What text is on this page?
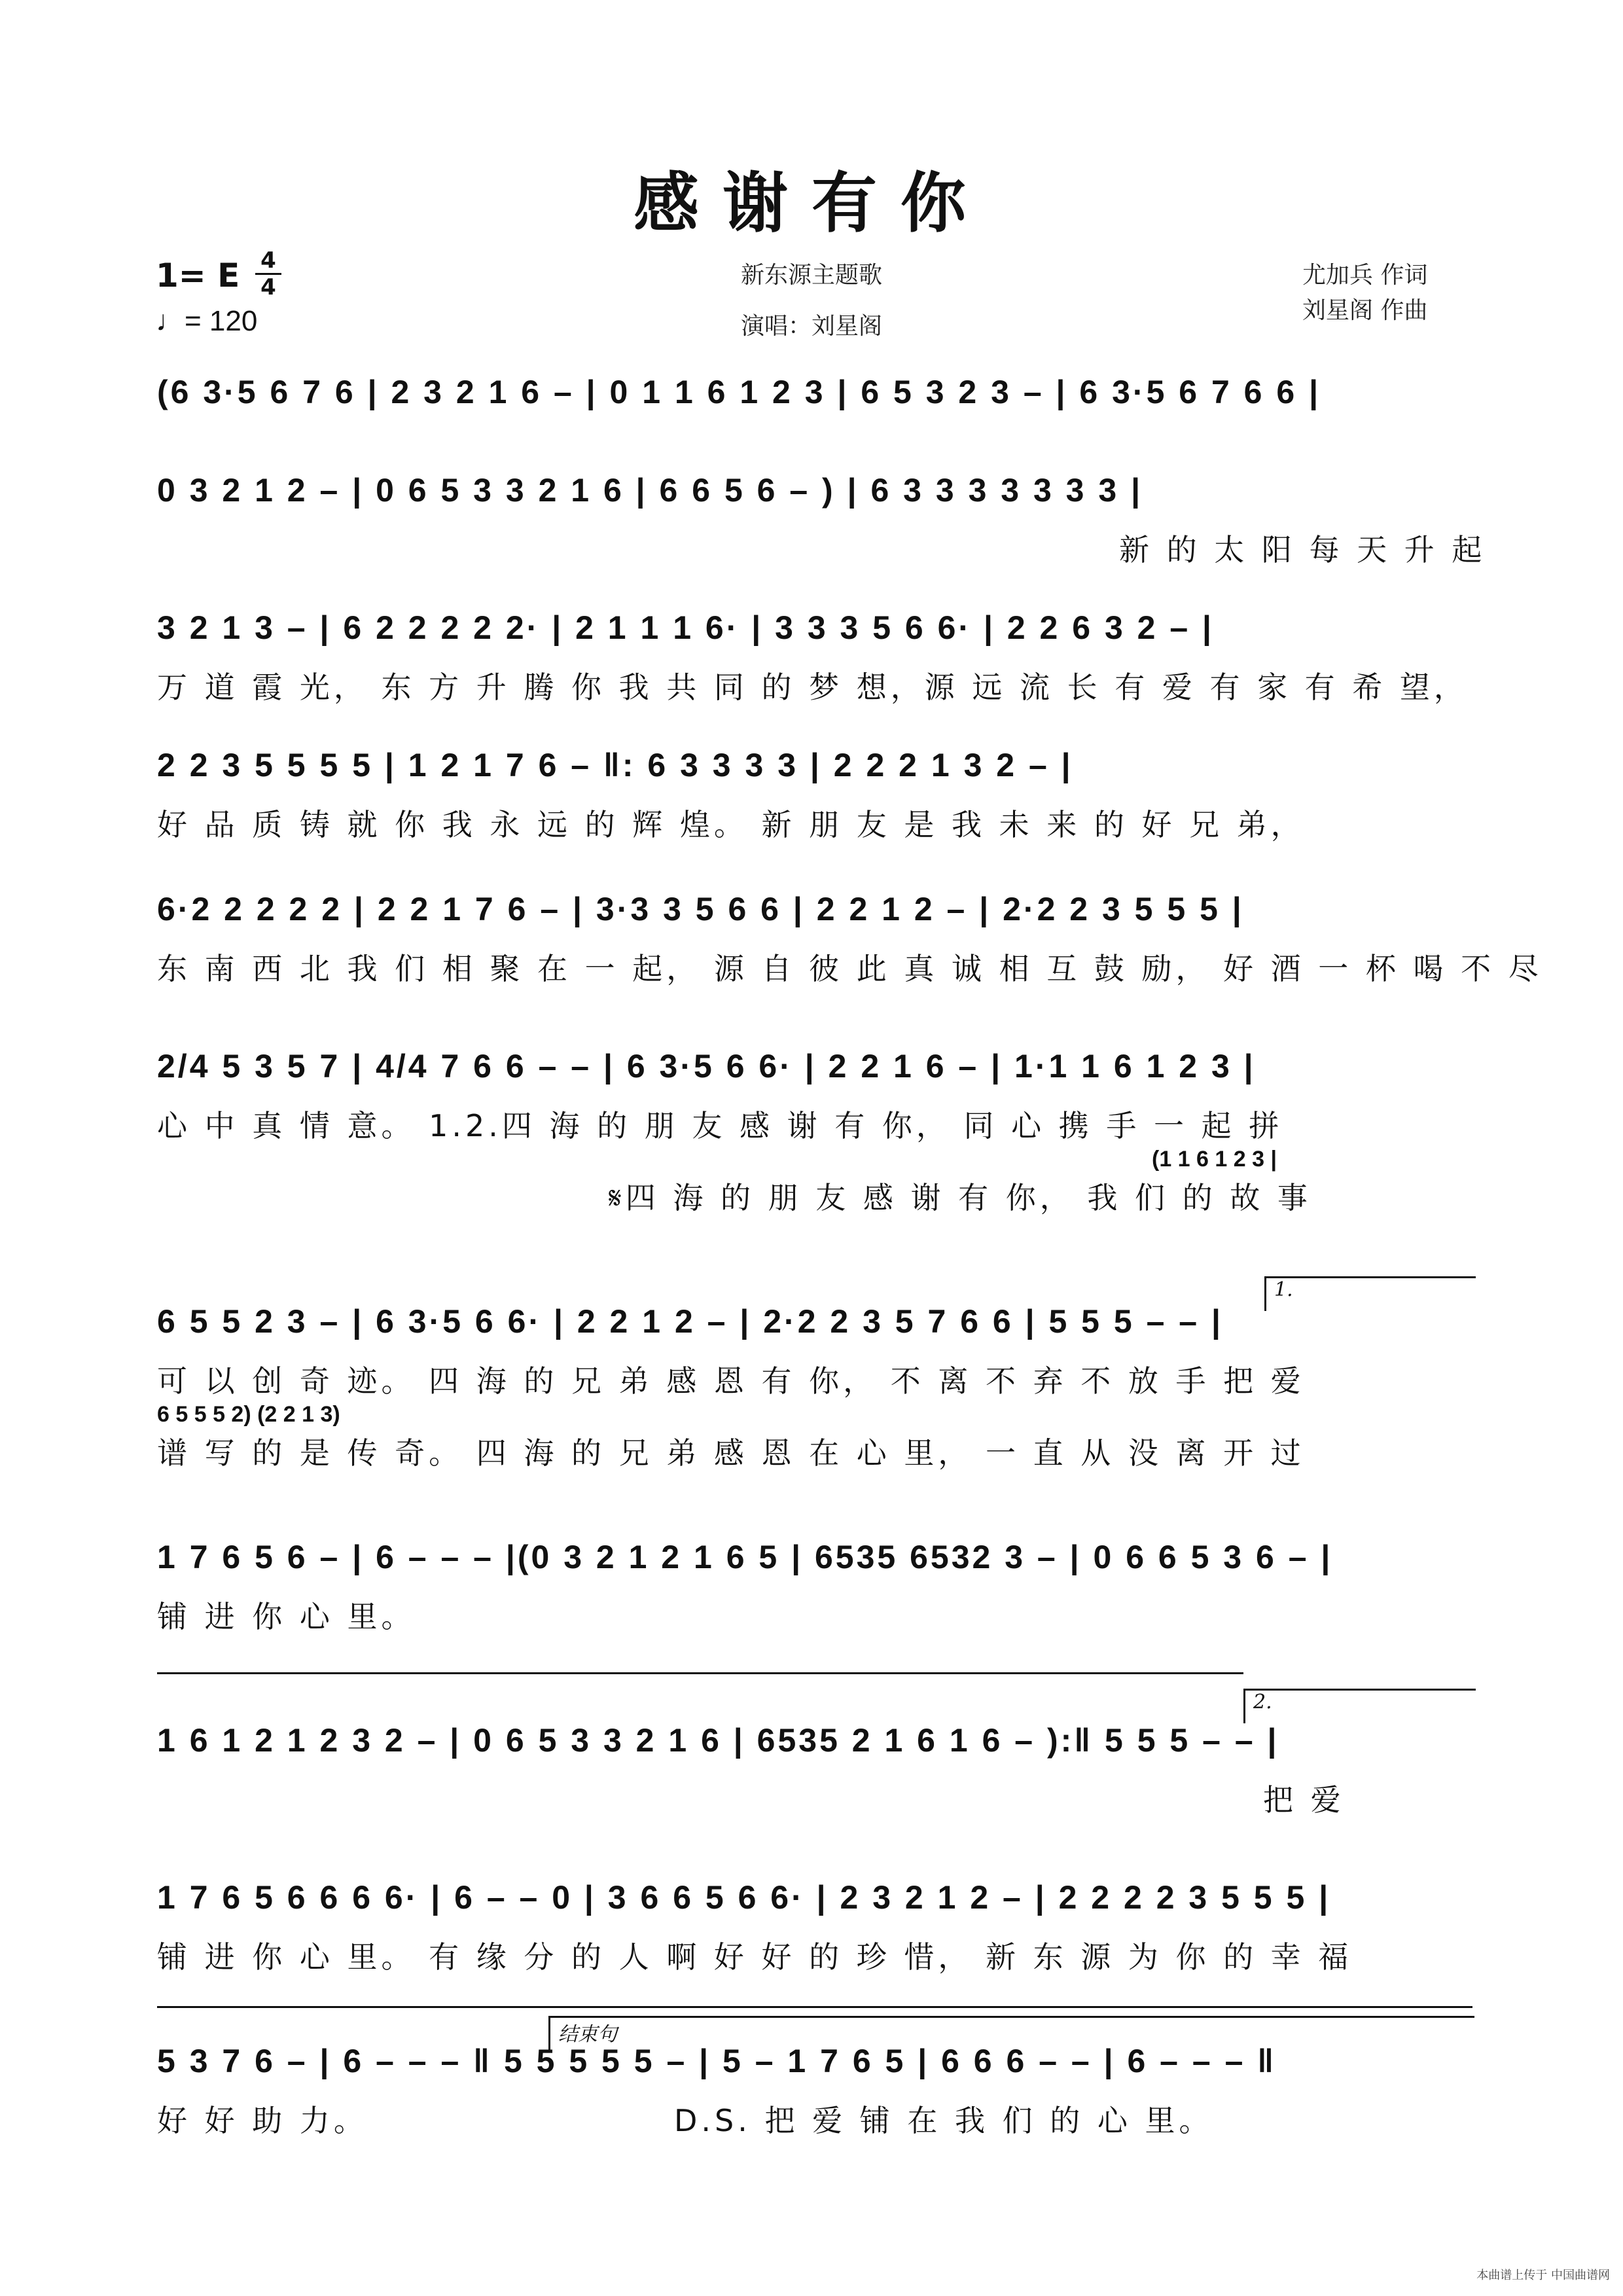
感谢有你
1= E 4
4
♩= 120
新东源主题歌
演唱：刘星阁
尤加兵 作词
刘星阁 作曲
(6 3·5 6 7 6 | 2 3 2 1 6 – | 0 1 1 6 1 2 3 | 6 5 3 2 3 – | 6 3·5 6 7 6 6 |
0 3 2 1 2 – | 0 6 5 3 3 2 1 6 | 6 6 5 6 – ) | 6 3 3 3 3 3 3 3 |
新 的 太 阳 每 天 升 起
3 2 1 3 – | 6 2 2 2 2 2· | 2 1 1 1 6· | 3 3 3 5 6 6· | 2 2 6 3 2 – |
万 道 霞 光， 东 方 升 腾 你 我 共 同 的 梦 想，源 远 流 长 有 爱 有 家 有 希 望，
2 2 3 5 5 5 5 | 1 2 1 7 6 – ‖: 6 3 3 3 3 | 2 2 2 1 3 2 – |
好 品 质 铸 就 你 我 永 远 的 辉 煌。 新 朋 友 是 我 未 来 的 好 兄 弟，
6·2 2 2 2 2 | 2 2 1 7 6 – | 3·3 3 5 6 6 | 2 2 1 2 – | 2·2 2 3 5 5 5 |
东 南 西 北 我 们 相 聚 在 一 起， 源 自 彼 此 真 诚 相 互 鼓 励， 好 酒 一 杯 喝 不 尽
2/4 5 3 5 7 | 4/4 7 6 6 – – | 6 3·5 6 6· | 2 2 1 6 – | 1·1 1 6 1 2 3 |
心 中 真 情 意。 1.2.四 海 的 朋 友 感 谢 有 你， 同 心 携 手 一 起 拼
(1 1 6 1 2 3 |
𝄋四 海 的 朋 友 感 谢 有 你， 我 们 的 故 事
1.
6 5 5 2 3 – | 6 3·5 6 6· | 2 2 1 2 – | 2·2 2 3 5 7 6 6 | 5 5 5 – – |
可 以 创 奇 迹。 四 海 的 兄 弟 感 恩 有 你， 不 离 不 弃 不 放 手 把 爱
6 5 5 5 2) (2 2 1 3)
谱 写 的 是 传 奇。 四 海 的 兄 弟 感 恩 在 心 里， 一 直 从 没 离 开 过
1 7 6 5 6 – | 6 – – – |(0 3 2 1 2 1 6 5 | 6535 6532 3 – | 0 6 6 5 3 6 – |
铺 进 你 心 里。
2.
1 6 1 2 1 2 3 2 – | 0 6 5 3 3 2 1 6 | 6535 2 1 6 1 6 – ):‖ 5 5 5 – – |
把 爱
1 7 6 5 6 6 6 6· | 6 – – 0 | 3 6 6 5 6 6· | 2 3 2 1 2 – | 2 2 2 2 3 5 5 5 |
铺 进 你 心 里。 有 缘 分 的 人 啊 好 好 的 珍 惜， 新 东 源 为 你 的 幸 福
结束句
5 3 7 6 – | 6 – – – ‖ 5 5 5 5 5 – | 5 – 1 7 6 5 | 6 6 6 – – | 6 – – – ‖
好 好 助 力。	D.S. 把 爱 铺 在 我 们 的 心 里。
本曲谱上传于 中国曲谱网
